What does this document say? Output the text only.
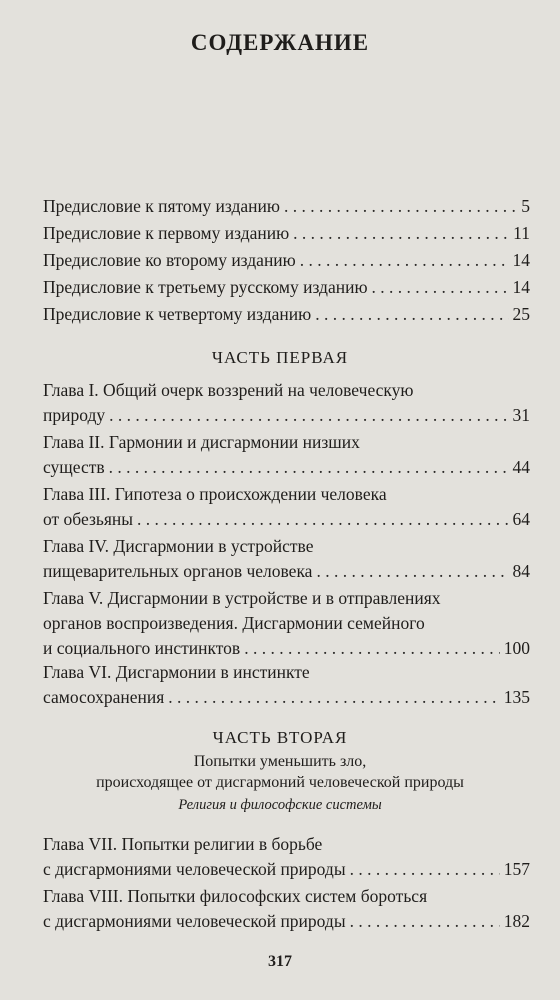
СОДЕРЖАНИЕ
Предисловие к пятому изданию . . .	5
Предисловие к первому изданию . . .	11
Предисловие ко второму изданию . . .	14
Предисловие к третьему русскому изданию . . .	14
Предисловие к четвертому изданию . . .	25
ЧАСТЬ ПЕРВАЯ
Глава I. Общий очерк воззрений на человеческую
природу . . .	31
Глава II. Гармонии и дисгармонии низших
существ . . .	44
Глава III. Гипотеза о происхождении человека
от обезьяны . . .	64
Глава IV. Дисгармонии в устройстве
пищеварительных органов человека . . .	84
Глава V. Дисгармонии в устройстве и в отправлениях
органов воспроизведения. Дисгармонии семейного
и социального инстинктов . . .	100
Глава VI. Дисгармонии в инстинкте
самосохранения . . .	135
ЧАСТЬ ВТОРАЯ
Попытки уменьшить зло,
происходящее от дисгармоний человеческой природы
Религия и философские системы
Глава VII. Попытки религии в борьбе
с дисгармониями человеческой природы . . .	157
Глава VIII. Попытки философских систем бороться
с дисгармониями человеческой природы . . .	182
317
